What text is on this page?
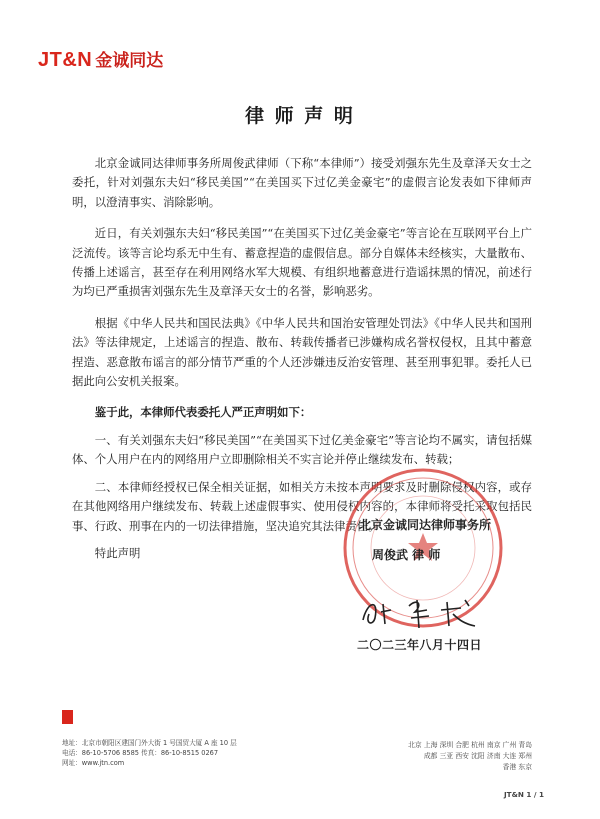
JT&N 金诚同达
律 师 声 明

北京金诚同达律师事务所周俊武律师（下称“本律师”）接受刘强东先生及章泽天女士之委托，针对刘强东夫妇“移民美国”“在美国买下过亿美金豪宅”的虚假言论发表如下律师声明，以澄清事实、消除影响。

近日，有关刘强东夫妇“移民美国”“在美国买下过亿美金豪宅”等言论在互联网平台上广泛流传。该等言论均系无中生有、蓄意捏造的虚假信息。部分自媒体未经核实，大量散布、传播上述谣言，甚至存在利用网络水军大规模、有组织地蓄意进行造谣抹黑的情况，前述行为均已严重损害刘强东先生及章泽天女士的名誉，影响恶劣。

根据《中华人民共和国民法典》《中华人民共和国治安管理处罚法》《中华人民共和国刑法》等法律规定，上述谣言的捏造、散布、转载传播者已涉嫌构成名誉权侵权，且其中蓄意捏造、恶意散布谣言的部分情节严重的个人还涉嫌违反治安管理、甚至刑事犯罪。委托人已据此向公安机关报案。

鉴于此，本律师代表委托人严正声明如下：

一、有关刘强东夫妇“移民美国”“在美国买下过亿美金豪宅”等言论均不属实，请包括媒体、个人用户在内的网络用户立即删除相关不实言论并停止继续发布、转载；

二、本律师经授权已保全相关证据，如相关方未按本声明要求及时删除侵权内容，或存在其他网络用户继续发布、转载上述虚假事实、使用侵权内容的，本律师将受托采取包括民事、行政、刑事在内的一切法律措施，坚决追究其法律责任。

特此声明

北京金诚同达律师事务所
周俊武 律 师
二〇二三年八月十四日
地址：北京市朝阳区建国门外大街 1 号国贸大厦 A 座 10 层
电话：86-10-5706 8585 传真：86-10-8515 0267
网址：www.jtn.com
北京 上海 深圳 合肥 杭州 南京 广州 青岛
成都 三亚 西安 沈阳 济南 大连 郑州
香港 东京
JT&N 1 / 1
